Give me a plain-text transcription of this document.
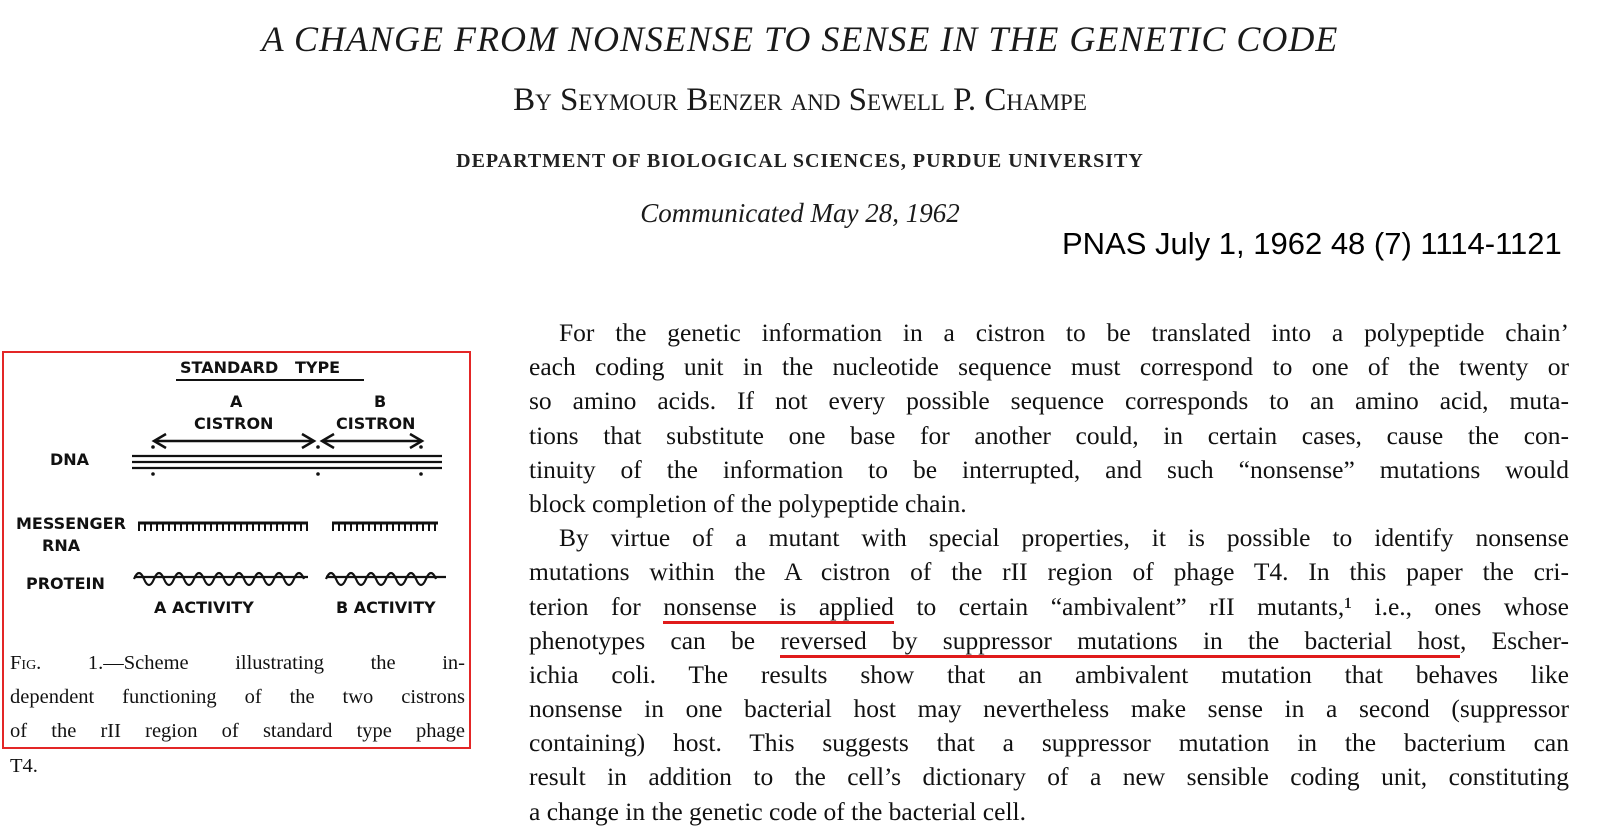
A CHANGE FROM NONSENSE TO SENSE IN THE GENETIC CODE
By Seymour Benzer and Sewell P. Champe
DEPARTMENT OF BIOLOGICAL SCIENCES, PURDUE UNIVERSITY
Communicated May 28, 1962
PNAS July 1, 1962 48 (7) 1114-1121
STANDARD   TYPE
A
CISTRON
B
CISTRON
DNA
MESSENGER
RNA
PROTEIN
A ACTIVITY	B ACTIVITY
Fig. 1.—Scheme illustrating the in-
dependent functioning of the two cistrons
of the rII region of standard type phage
T4.
For the genetic information in a cistron to be translated into a polypeptide chain’
each coding unit in the nucleotide sequence must correspond to one of the twenty or
so amino acids. If not every possible sequence corresponds to an amino acid, muta-
tions that substitute one base for another could, in certain cases, cause the con-
tinuity of the information to be interrupted, and such “nonsense” mutations would
block completion of the polypeptide chain.
By virtue of a mutant with special properties, it is possible to identify nonsense
mutations within the A cistron of the rII region of phage T4. In this paper the cri-
terion for nonsense is applied to certain “ambivalent” rII mutants,¹ i.e., ones whose
phenotypes can be reversed by suppressor mutations in the bacterial host, Escher-
ichia coli. The results show that an ambivalent mutation that behaves like
nonsense in one bacterial host may nevertheless make sense in a second (suppressor
containing) host. This suggests that a suppressor mutation in the bacterium can
result in addition to the cell’s dictionary of a new sensible coding unit, constituting
a change in the genetic code of the bacterial cell.
